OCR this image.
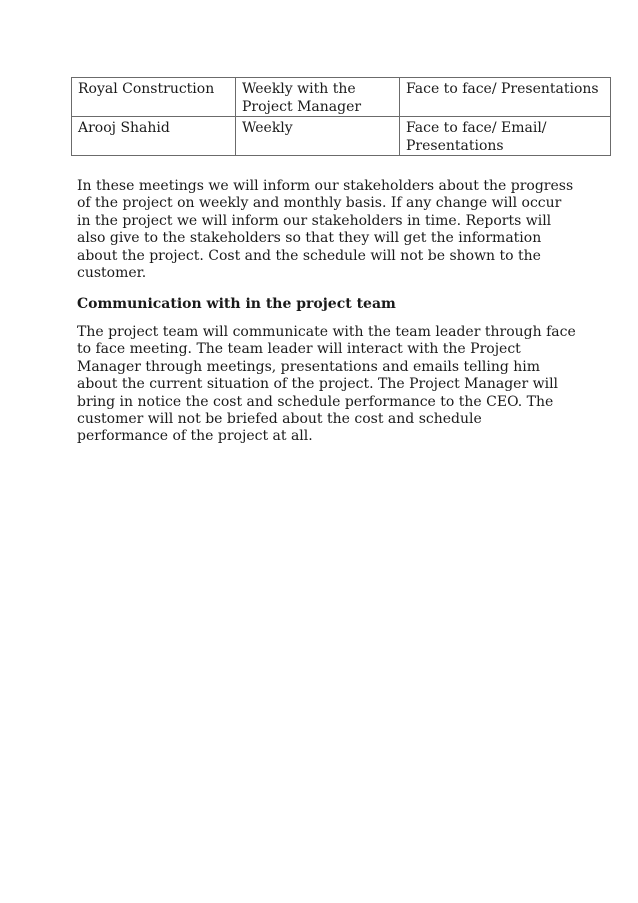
Royal Construction	Weekly with the Project Manager	Face to face/ Presentations
Arooj Shahid	Weekly	Face to face/ Email/ Presentations

In these meetings we will inform our stakeholders about the progress of the project on weekly and monthly basis. If any change will occur in the project we will inform our stakeholders in time. Reports will also give to the stakeholders so that they will get the information about the project. Cost and the schedule will not be shown to the customer.

Communication with in the project team

The project team will communicate with the team leader through face to face meeting. The team leader will interact with the Project Manager through meetings, presentations and emails telling him about the current situation of the project. The Project Manager will bring in notice the cost and schedule performance to the CEO. The customer will not be briefed about the cost and schedule performance of the project at all.
